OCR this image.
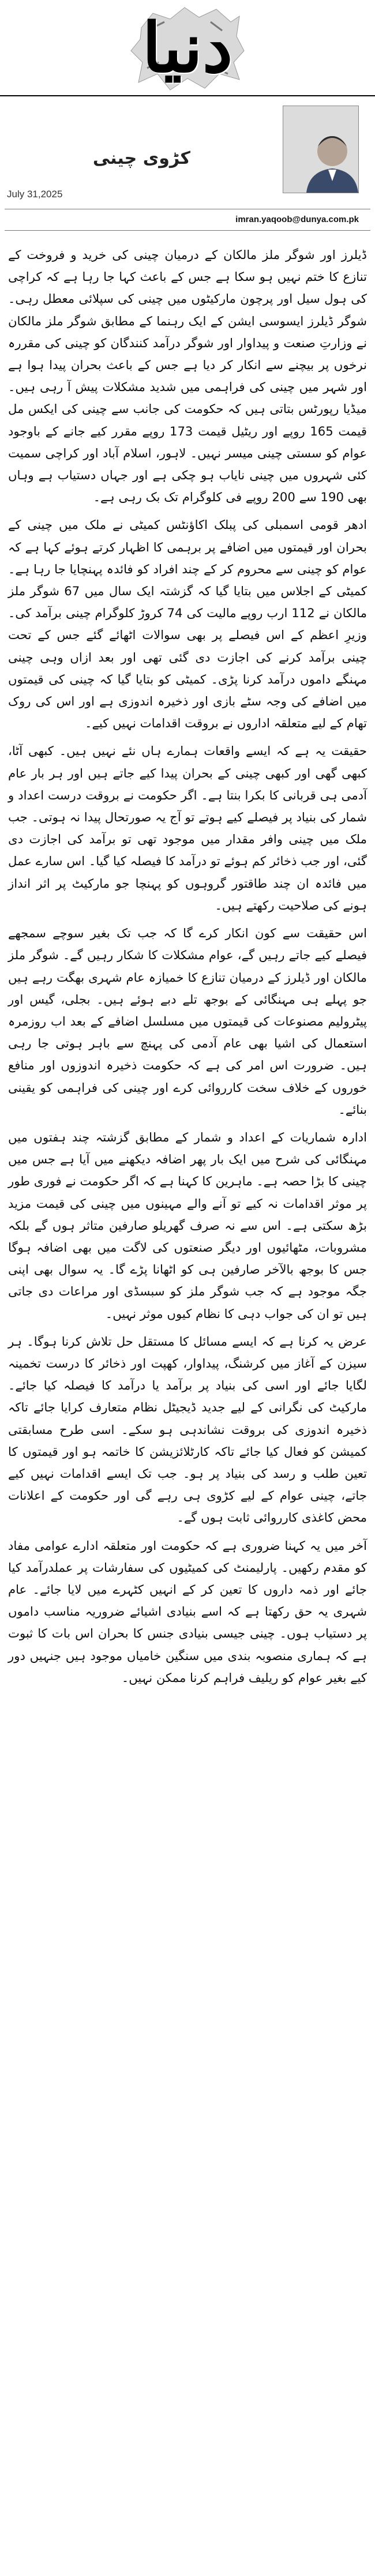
دنیا
کڑوی چینی
July 31,2025
imran.yaqoob@dunya.com.pk

ڈیلرز اور شوگر ملز مالکان کے درمیان چینی کی خرید و فروخت کے تنازع کا ختم نہیں ہو سکا ہے جس کے باعث کہا جا رہا ہے کہ کراچی کی ہول سیل اور پرچون مارکیٹوں میں چینی کی سپلائی معطل رہی۔ شوگر ڈیلرز ایسوسی ایشن کے ایک رہنما کے مطابق شوگر ملز مالکان نے وزارتِ صنعت و پیداوار اور شوگر درآمد کنندگان کو چینی کی مقررہ نرخوں پر بیچنے سے انکار کر دیا ہے جس کے باعث بحران پیدا ہوا ہے اور شہر میں چینی کی فراہمی میں شدید مشکلات پیش آ رہی ہیں۔ میڈیا رپورٹس بتاتی ہیں کہ حکومت کی جانب سے چینی کی ایکس مل قیمت 165 روپے اور ریٹیل قیمت 173 روپے مقرر کیے جانے کے باوجود عوام کو سستی چینی میسر نہیں۔ لاہور، اسلام آباد اور کراچی سمیت کئی شہروں میں چینی نایاب ہو چکی ہے اور جہاں دستیاب ہے وہاں بھی 190 سے 200 روپے فی کلوگرام تک بک رہی ہے۔

ادھر قومی اسمبلی کی پبلک اکاؤنٹس کمیٹی نے ملک میں چینی کے بحران اور قیمتوں میں اضافے پر برہمی کا اظہار کرتے ہوئے کہا ہے کہ عوام کو چینی سے محروم کر کے چند افراد کو فائدہ پہنچایا جا رہا ہے۔ کمیٹی کے اجلاس میں بتایا گیا کہ گزشتہ ایک سال میں 67 شوگر ملز مالکان نے 112 ارب روپے مالیت کی 74 کروڑ کلوگرام چینی برآمد کی۔ وزیرِ اعظم کے اس فیصلے پر بھی سوالات اٹھائے گئے جس کے تحت چینی برآمد کرنے کی اجازت دی گئی تھی اور بعد ازاں وہی چینی مہنگے داموں درآمد کرنا پڑی۔ کمیٹی کو بتایا گیا کہ چینی کی قیمتوں میں اضافے کی وجہ سٹے بازی اور ذخیرہ اندوزی ہے اور اس کی روک تھام کے لیے متعلقہ اداروں نے بروقت اقدامات نہیں کیے۔

حقیقت یہ ہے کہ ایسے واقعات ہمارے ہاں نئے نہیں ہیں۔ کبھی آٹا، کبھی گھی اور کبھی چینی کے بحران پیدا کیے جاتے ہیں اور ہر بار عام آدمی ہی قربانی کا بکرا بنتا ہے۔ اگر حکومت نے بروقت درست اعداد و شمار کی بنیاد پر فیصلے کیے ہوتے تو آج یہ صورتحال پیدا نہ ہوتی۔ جب ملک میں چینی وافر مقدار میں موجود تھی تو برآمد کی اجازت دی گئی، اور جب ذخائر کم ہوئے تو درآمد کا فیصلہ کیا گیا۔ اس سارے عمل میں فائدہ ان چند طاقتور گروہوں کو پہنچا جو مارکیٹ پر اثر انداز ہونے کی صلاحیت رکھتے ہیں۔

اس حقیقت سے کون انکار کرے گا کہ جب تک بغیر سوچے سمجھے فیصلے کیے جاتے رہیں گے، عوام مشکلات کا شکار رہیں گے۔ شوگر ملز مالکان اور ڈیلرز کے درمیان تنازع کا خمیازہ عام شہری بھگت رہے ہیں جو پہلے ہی مہنگائی کے بوجھ تلے دبے ہوئے ہیں۔ بجلی، گیس اور پیٹرولیم مصنوعات کی قیمتوں میں مسلسل اضافے کے بعد اب روزمرہ استعمال کی اشیا بھی عام آدمی کی پہنچ سے باہر ہوتی جا رہی ہیں۔ ضرورت اس امر کی ہے کہ حکومت ذخیرہ اندوزوں اور منافع خوروں کے خلاف سخت کارروائی کرے اور چینی کی فراہمی کو یقینی بنائے۔

ادارہ شماریات کے اعداد و شمار کے مطابق گزشتہ چند ہفتوں میں مہنگائی کی شرح میں ایک بار پھر اضافہ دیکھنے میں آیا ہے جس میں چینی کا بڑا حصہ ہے۔ ماہرین کا کہنا ہے کہ اگر حکومت نے فوری طور پر موثر اقدامات نہ کیے تو آنے والے مہینوں میں چینی کی قیمت مزید بڑھ سکتی ہے۔ اس سے نہ صرف گھریلو صارفین متاثر ہوں گے بلکہ مشروبات، مٹھائیوں اور دیگر صنعتوں کی لاگت میں بھی اضافہ ہوگا جس کا بوجھ بالآخر صارفین ہی کو اٹھانا پڑے گا۔ یہ سوال بھی اپنی جگہ موجود ہے کہ جب شوگر ملز کو سبسڈی اور مراعات دی جاتی ہیں تو ان کی جواب دہی کا نظام کیوں موثر نہیں۔

عرض یہ کرنا ہے کہ ایسے مسائل کا مستقل حل تلاش کرنا ہوگا۔ ہر سیزن کے آغاز میں کرشنگ، پیداوار، کھپت اور ذخائر کا درست تخمینہ لگایا جائے اور اسی کی بنیاد پر برآمد یا درآمد کا فیصلہ کیا جائے۔ مارکیٹ کی نگرانی کے لیے جدید ڈیجیٹل نظام متعارف کرایا جائے تاکہ ذخیرہ اندوزی کی بروقت نشاندہی ہو سکے۔ اسی طرح مسابقتی کمیشن کو فعال کیا جائے تاکہ کارٹلائزیشن کا خاتمہ ہو اور قیمتوں کا تعین طلب و رسد کی بنیاد پر ہو۔ جب تک ایسے اقدامات نہیں کیے جاتے، چینی عوام کے لیے کڑوی ہی رہے گی اور حکومت کے اعلانات محض کاغذی کارروائی ثابت ہوں گے۔

آخر میں یہ کہنا ضروری ہے کہ حکومت اور متعلقہ ادارے عوامی مفاد کو مقدم رکھیں۔ پارلیمنٹ کی کمیٹیوں کی سفارشات پر عملدرآمد کیا جائے اور ذمہ داروں کا تعین کر کے انہیں کٹہرے میں لایا جائے۔ عام شہری یہ حق رکھتا ہے کہ اسے بنیادی اشیائے ضروریہ مناسب داموں پر دستیاب ہوں۔ چینی جیسی بنیادی جنس کا بحران اس بات کا ثبوت ہے کہ ہماری منصوبہ بندی میں سنگین خامیاں موجود ہیں جنہیں دور کیے بغیر عوام کو ریلیف فراہم کرنا ممکن نہیں۔
